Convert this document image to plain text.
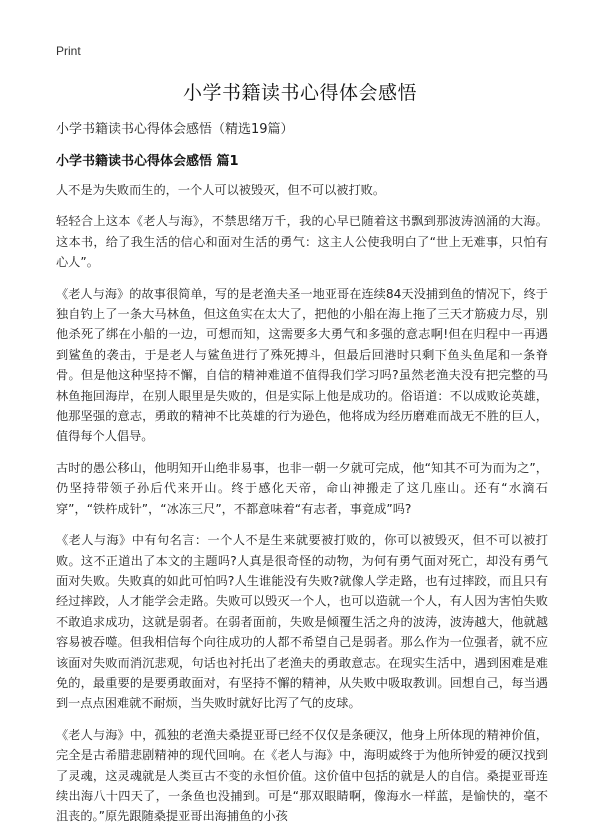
Print
小学书籍读书心得体会感悟
小学书籍读书心得体会感悟（精选19篇）
小学书籍读书心得体会感悟 篇1

人不是为失败而生的，一个人可以被毁灭，但不可以被打败。

轻轻合上这本《老人与海》，不禁思绪万千，我的心早已随着这书飘到那波涛汹涌的大海。这本书，给了我生活的信心和面对生活的勇气：这主人公使我明白了“世上无难事，只怕有心人”。

《老人与海》的故事很简单，写的是老渔夫圣一地亚哥在连续84天没捕到鱼的情况下，终于独自钓上了一条大马林鱼，但这鱼实在太大了，把他的小船在海上拖了三天才筋疲力尽，别他杀死了绑在小船的一边，可想而知，这需要多大勇气和多强的意志啊!但在归程中一再遇到鲨鱼的袭击，于是老人与鲨鱼进行了殊死搏斗，但最后回港时只剩下鱼头鱼尾和一条脊骨。但是他这种坚持不懈，自信的精神难道不值得我们学习吗?虽然老渔夫没有把完整的马林鱼拖回海岸，在别人眼里是失败的，但是实际上他是成功的。俗语道：不以成败论英雄，他那坚强的意志，勇敢的精神不比英雄的行为逊色，他将成为经历磨难而战无不胜的巨人，值得每个人倡导。

古时的愚公移山，他明知开山绝非易事，也非一朝一夕就可完成，他“知其不可为而为之”，仍坚持带领子孙后代来开山。终于感化天帝，命山神搬走了这几座山。还有“水滴石穿”，“铁杵成针”，“冰冻三尺”，不都意味着“有志者，事竟成”吗?

《老人与海》中有句名言：一个人不是生来就要被打败的，你可以被毁灭，但不可以被打败。这不正道出了本文的主题吗?人真是很奇怪的动物，为何有勇气面对死亡，却没有勇气面对失败。失败真的如此可怕吗?人生谁能没有失败?就像人学走路，也有过摔跤，而且只有经过摔跤，人才能学会走路。失败可以毁灭一个人，也可以造就一个人，有人因为害怕失败不敢追求成功，这就是弱者。在弱者面前，失败是倾覆生活之舟的波涛，波涛越大，他就越容易被吞噬。但我相信每个向往成功的人都不希望自己是弱者。那么作为一位强者，就不应该面对失败而消沉悲观，句话也衬托出了老渔夫的勇敢意志。在现实生活中，遇到困难是难免的，最重要的是要勇敢面对，有坚持不懈的精神，从失败中吸取教训。回想自己，每当遇到一点点困难就不耐烦，当失败时就好比泻了气的皮球。

《老人与海》中，孤独的老渔夫桑提亚哥已经不仅仅是条硬汉，他身上所体现的精神价值，完全是古希腊悲剧精神的现代回响。在《老人与海》中，海明威终于为他所钟爱的硬汉找到了灵魂，这灵魂就是人类亘古不变的永恒价值。这价值中包括的就是人的自信。桑提亚哥连续出海八十四天了，一条鱼也没捕到。可是“那双眼睛啊，像海水一样蓝，是愉快的，毫不沮丧的。”原先跟随桑提亚哥出海捕鱼的小孩
